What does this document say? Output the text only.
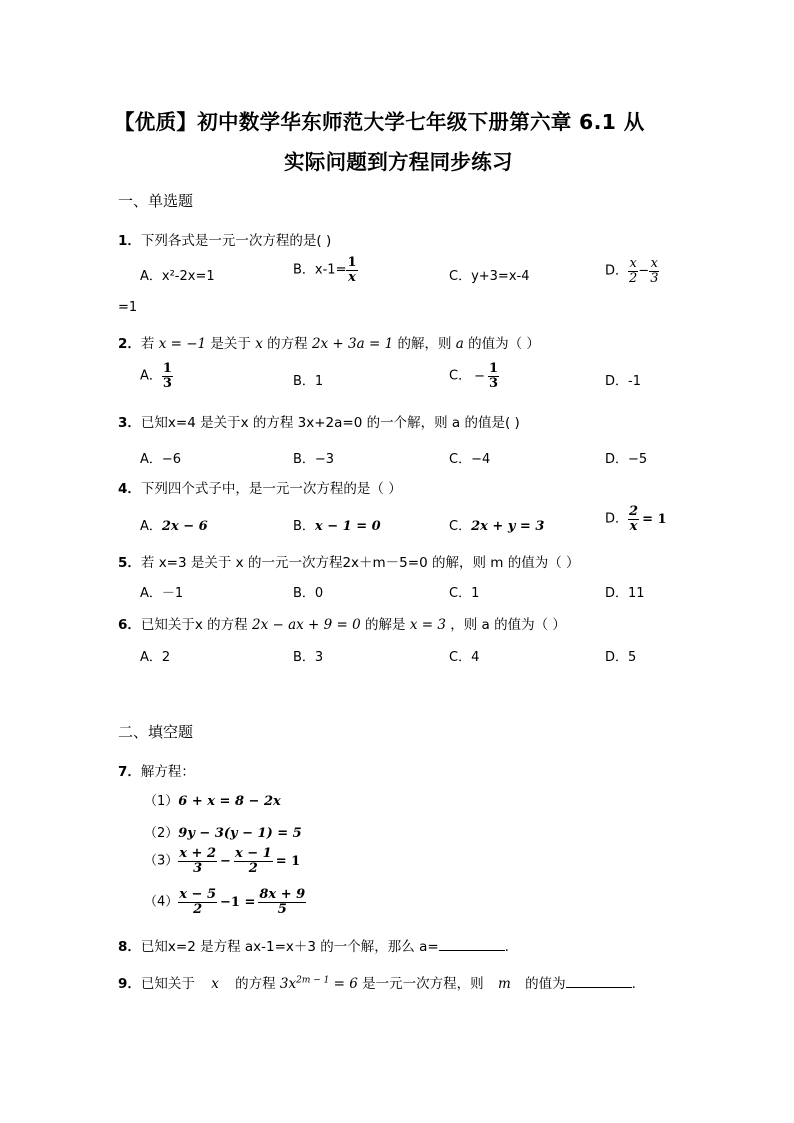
【优质】初中数学华东师范大学七年级下册第六章 6.1 从
实际问题到方程同步练习
一、单选题
1．下列各式是一元一次方程的是( )
A．x²-2x=1	B．$x-1= \frac{1}{x}$	C．y+3=x-4	D． $\frac{x}{2} - \frac{x}{3}$
=1
2．若 x = −1 是关于 x 的方程 2x + 3a = 1 的解，则 a 的值为（ ）
A． $\frac{1}{3}$	B．1	C． − $\frac{1}{3}$	D．-1
3．已知x=4 是关于x 的方程 3x+2a=0 的一个解，则 a 的值是( )
A．−6	B．−3	C．−4	D．−5
4．下列四个式子中，是一元一次方程的是（ ）
A．2x − 6	B．x − 1 = 0	C．2x + y = 3	D． $\frac{2}{x} = 1$
5．若 x=3 是关于 x 的一元一次方程2x＋m－5=0 的解，则 m 的值为（ ）
A．－1	B．0	C．1	D．11
6．已知关于x 的方程 2x − ax + 9 = 0 的解是 x = 3 ，则 a 的值为（ ）
A．2	B．3	C．4	D．5
二、填空题
7．解方程：
（1）6 + x = 8 − 2x
（2）9y − 3(y − 1) = 5
$(3) \frac{x + 2}{3} - \frac{x - 1}{2} = 1$
$(4) \frac{x - 5}{2} -1 = \frac{8x + 9}{5}$
8．已知x=2 是方程 ax-1=x＋3 的一个解，那么 a=	.
9．已知关于 x 的方程 $3x^{2m - 1} = 6$ 是一元一次方程，则 m 的值为	.
